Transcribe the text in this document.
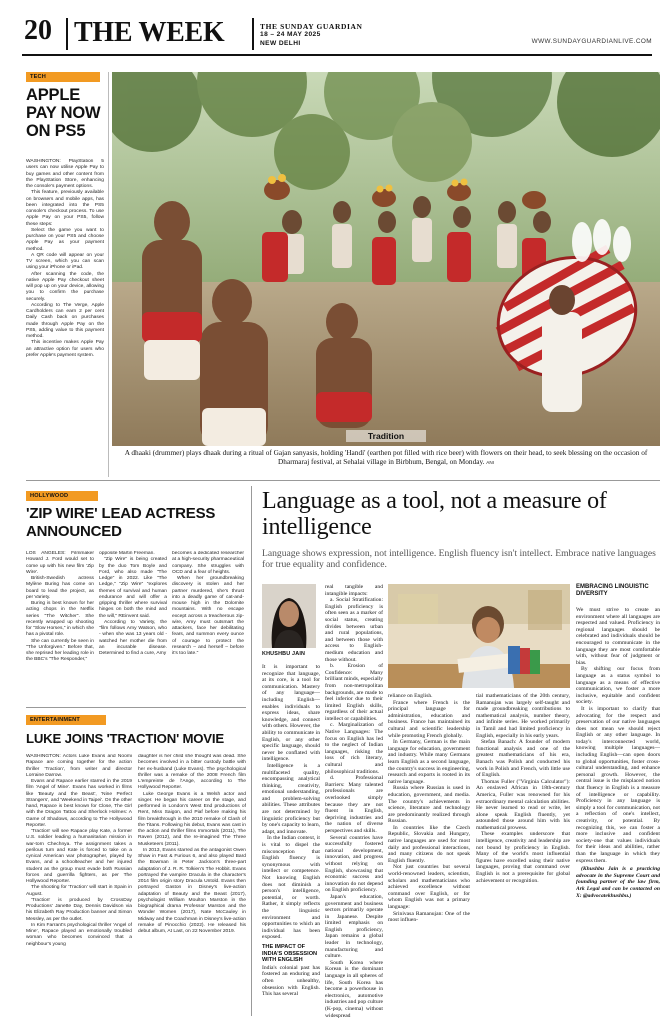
20 THE WEEK	THE SUNDAY GUARDIAN
18 – 24 MAY 2025
NEW DELHI	WWW.SUNDAYGUARDIANLIVE.COM
TECH
APPLE PAY NOW ON PS5

WASHINGTON: PlayStation 5 users can now utilise Apple Pay to buy games and other content from the PlayStation Store, enhancing the console's payment options.

This feature, previously available on browsers and mobile apps, has been integrated into the PS5 console's checkout process. To use Apple Pay on your PS5, follow these steps:

Select the game you want to purchase on your PS5 and choose Apple Pay as your payment method.

A QR code will appear on your TV screen, which you can scan using your iPhone or iPad.

After scanning the code, the native Apple Pay checkout sheet will pop up on your device, allowing you to confirm the purchase securely.

According to The Verge, Apple Cardholders can earn 2 per cent Daily Cash back on purchases made through Apple Pay on the PS5, adding value to this payment method.

This incentive makes Apple Pay an attractive option for users who prefer Apple's payment system.

Tradition
A dhaaki (drummer) plays dhaak during a ritual of Gajan sanyasis, holding 'Handi' (earthen pot filled with rice beer) with flowers on their head, to seek blessing on the occasion of Dharmaraj festival, at Sehalai village in Birbhum, Bengal, on Monday. ANI
HOLLYWOOD
'ZIP WIRE' LEAD ACTRESS ANNOUNCED

LOS ANGELES: Filmmaker Howard J. Ford would set to come up with his new film 'Zip Wire'.

British-Swedish actress Mylène Buring has come on board to lead the project, as per Variety.

Buring is best known for her acting chops in the Netflix series "The Witcher". She recently wrapped up shooting for "Slow Horses," in which she has a pivotal role.

She can currently be seen in "The Unforgiven." Before that, she reprised her leading role in the BBC's "The Responder,"

opposite Martin Freeman.

"Zip Wire" is being created by the duo Tom Boyle and Ford, who also made "The Ledge" in 2022. Like "The Ledge," "Zip Wire" "explores themes of survival and human endurance and will offer a gripping thriller where survival hinges on both the mind and the will," REinvent said.

According to Variety, the "film follows Amy Watson, who - when she was 13 years old - watched her mother die from an incurable disease. Determined to find a cure, Amy

becomes a dedicated researcher at a high-security pharmaceutical company. She struggles with OCD and a fear of heights.

When her groundbreaking discovery is stolen and her partner murdered, she's thrust into a deadly game of cat-and-mouse high in the Dolomite mountains. With no escape except across a treacherous zip-wire, Amy must outsmart the attackers, face her debilitating fears, and summon every ounce of courage to protect the research – and herself – before it's too late."

ENTERTAINMENT
LUKE JOINS 'TRACTION' MOVIE

WASHINGTON: Actors Luke Evans and Noomi Rapace are coming together for the action thriller 'Traction', from writer and director Lorraine Darrow.

Evans and Rapace earlier starred in the 2019 film 'Angel of Mine'. Evans has worked in films like 'Beauty and the Beast', 'Nine Perfect Strangers', and 'Weekend in Taipei'. On the other hand, Rapace is best known for Close, The Girl with the Dragon Tattoo and Sherlock Holmes: A Game of Shadows, according to The Hollywood Reporter.

'Traction' will see Rapace play Kate, a former U.S. soldier leading a humanitarian mission in war-torn Chechnya. The assignment takes a perilous turn and Kate is forced to take on a cynical American war photographer, played by Evans, and a schoolteacher and her injured student as the group must evade both Russian forces and guerrilla fighters, as per The Hollywood Reporter.

The shooting for 'Traction' will start in Spain in August.

'Traction' is produced by CrossDay Productions' Janette Day, Dennis Davidson via his Elizabeth Ray Production banner and Simon Messley, as per the outlet.

In Kim Farrant's psychological thriller 'Angel of Mine', Rapace played an emotionally troubled woman who becomes convinced that a neighbour's young

daughter is her child she thought was dead. She becomes involved in a bitter custody battle with her ex-husband (Luke Evans). The psychological thriller was a remake of the 2008 French film L'empreinte de l'Ange, according to The Hollywood Reporter.

Luke George Evans is a Welsh actor and singer. He began his career on the stage, and performed in London's West End productions of Rent, Miss Saigon, and Piaf before making his film breakthrough in the 2010 remake of Clash of the Titans. Following his debut, Evans was cast in the action and thriller films Immortals (2011), The Raven (2012), and the re-imagined The Three Musketeers (2011).

In 2013, Evans starred as the antagonist Owen Shaw in Fast & Furious 6, and also played Bard the Bowman in Peter Jackson's three-part adaptation of J. R. R. Tolkien's The Hobbit. Evans portrayed the vampire Dracula in the character's 2014 film origin story Dracula Untold. Evans then portrayed Gaston in Disney's live-action adaptation of Beauty and the Beast (2017), psychologist William Moulton Marston in the biographical drama Professor Marston and the Wonder Women (2017), Nate McCauley in Midway and the Coachman in Disney's live-action remake of Pinocchio (2022). He released his debut album, At Last, on 22 November 2019.

Language as a tool, not a measure of intelligence
Language shows expression, not intelligence. English fluency isn't intellect. Embrace native languages for true equality and confidence.
KHUSHBU JAIN

It is important to recognize that language, at its core, is a tool for communication. Mastery of any language—including English—enables individuals to express ideas, share knowledge, and connect with others. However, the ability to communicate in English, or any other specific language, should never be conflated with intelligence.

Intelligence is a multifaceted quality, encompassing analytical thinking, creativity, emotional understanding, and problem-solving abilities. These attributes are not determined by linguistic proficiency but by one's capacity to learn, adapt, and innovate.

In the Indian context, it is vital to dispel the misconception that English fluency is synonymous with intellect or competence. Not knowing English does not diminish a person's intelligence, potential, or worth. Rather, it simply reflects the linguistic environment and opportunities to which an individual has been exposed.

THE IMPACT OF INDIA'S OBSESSION WITH ENGLISH

India's colonial past has fostered an enduring and often unhealthy, obsession with English. This has several

real tangible and intangible impacts:

a. Social Stratification: English proficiency is often seen as a marker of social status, creating divides between urban and rural populations, and between those with access to English-medium education and those without.

b. Erosion of Confidence: Many brilliant minds, especially from non-metropolitan backgrounds, are made to feel inferior due to their limited English skills, regardless of their actual intellect or capabilities.

c. Marginalization of Native Languages: The focus on English has led to the neglect of Indian languages, risking the loss of rich literary, cultural and philosophical traditions.

d. Professional Barriers: Many talented professionals are overlooked simply because they are not fluent in English, depriving industries and the nation of diverse perspectives and skills.

Several countries have successfully fostered national development, innovation, and progress without relying on English, showcasing that economic success and innovation do not depend on English proficiency.

Japan's education, government and business sectors primarily operate in Japanese. Despite limited emphasis on English proficiency, Japan remains a global leader in technology, manufacturing and culture.

South Korea where Korean is the dominant language in all spheres of life, South Korea has become a powerhouse in electronics, automotive industries and pop culture (K-pop, cinema) without widespread

reliance on English.

France where French is the principal language for administration, education and business. France has maintained its cultural and scientific leadership while promoting French globally.

In Germany, German is the main language for education, government and industry. While many Germans learn English as a second language, the country's success in engineering, research and exports is rooted in its native language.

Russia where Russian is used in education, government, and media. The country's achievements in science, literature and technology are predominantly realized through Russian.

In countries like the Czech Republic, Slovakia and Hungary, native languages are used for most daily and professional interactions, and many citizens do not speak English fluently.

Not just countries but several world-renowned leaders, scientists, scholars and mathematicians who achieved excellence without command over English, or for whom English was not a primary language:

Srinivasa Ramanujan: One of the most influen-

tial mathematicians of the 20th century, Ramanujan was largely self-taught and made groundbreaking contributions to mathematical analysis, number theory, and infinite series. He worked primarily in Tamil and had limited proficiency in English, especially in his early years.

Stefan Banach: A founder of modern functional analysis and one of the greatest mathematicians of his era, Banach was Polish and conducted his work in Polish and French, with little use of English.

Thomas Fuller ("Virginia Calculator"): An enslaved African in 18th-century America, Fuller was renowned for his extraordinary mental calculation abilities. He never learned to read or write, let alone speak English fluently, yet astounded those around him with his mathematical prowess.

These examples underscore that intelligence, creativity and leadership are not bound by proficiency in English. Many of the world's most influential figures have excelled using their native languages, proving that command over English is not a prerequisite for global achievement or recognition.

EMBRACING LINGUISTIC DIVERSITY

We must strive to create an environment where all languages are respected and valued. Proficiency in regional languages should be celebrated and individuals should be encouraged to communicate in the language they are most comfortable with, without fear of judgment or bias.

By shifting our focus from language as a status symbol to language as a means of effective communication, we foster a more inclusive, equitable and confident society.

It is important to clarify that advocating for the respect and preservation of our native languages does not mean we should reject English or any other language. In today's interconnected world, knowing multiple languages—including English—can open doors to global opportunities, foster cross-cultural understanding, and enhance personal growth. However, the central issue is the misplaced notion that fluency in English is a measure of intelligence or capability. Proficiency in any language is simply a tool for communication, not a reflection of one's intellect, creativity, or potential. By recognizing this, we can foster a more inclusive and confident society-one that values individuals for their ideas and abilities, rather than the language in which they express them.

(Khushbu Jain is a practicing advocate in the Supreme Court and founding partner of the law firm, Ark Legal and can be contacted on X: @advocatekhushbu.)
